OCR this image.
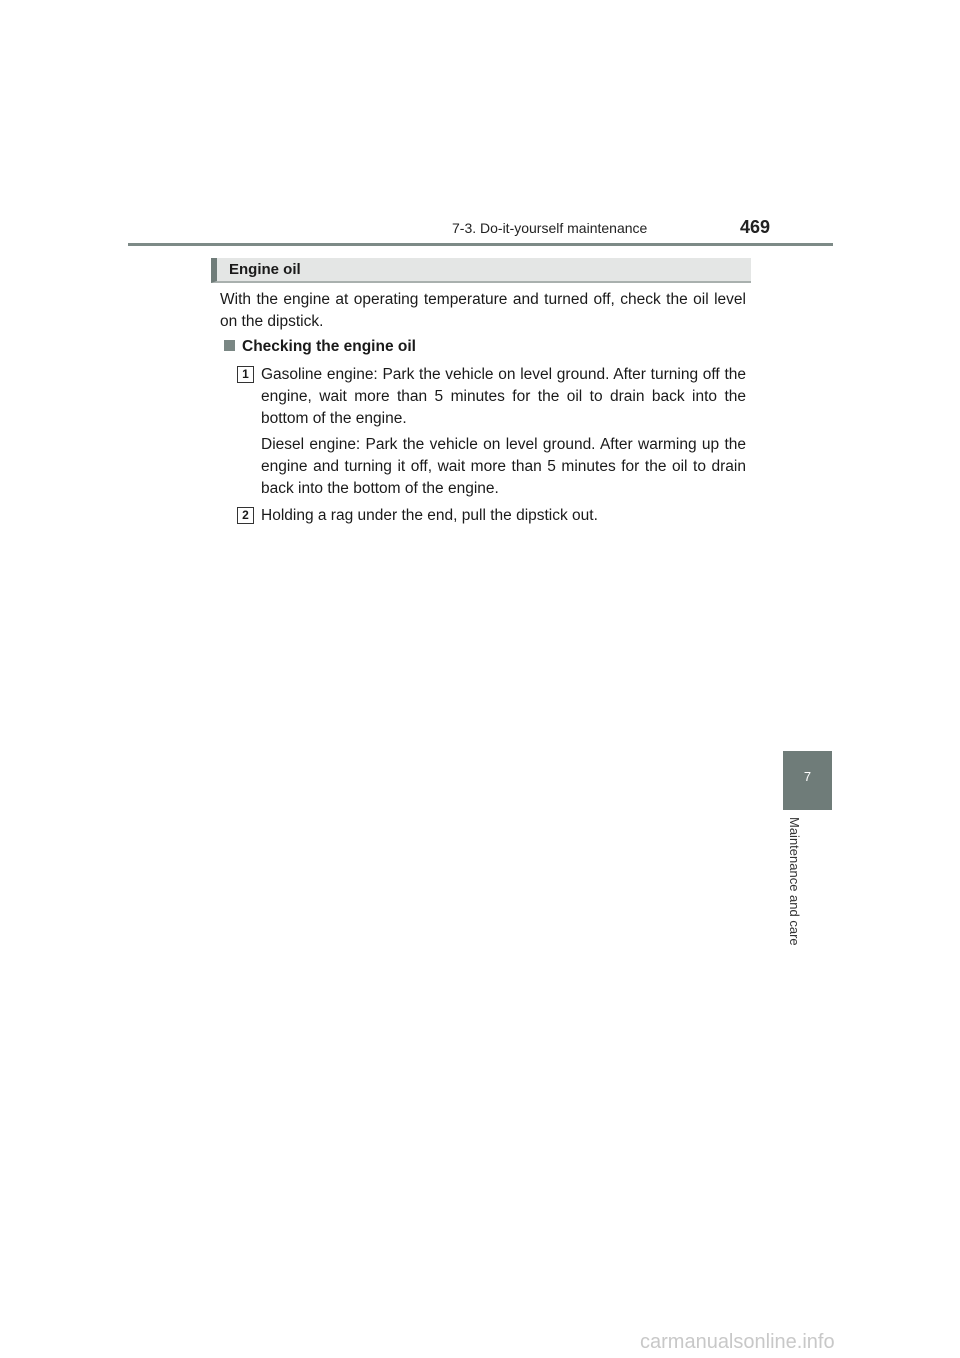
7-3. Do-it-yourself maintenance	469
Engine oil
With the engine at operating temperature and turned off, check the oil level on the dipstick.
Checking the engine oil
1 Gasoline engine: Park the vehicle on level ground. After turning off the engine, wait more than 5 minutes for the oil to drain back into the bottom of the engine.
Diesel engine: Park the vehicle on level ground. After warming up the engine and turning it off, wait more than 5 minutes for the oil to drain back into the bottom of the engine.
2 Holding a rag under the end, pull the dipstick out.
7
Maintenance and care
carmanualsonline.info
